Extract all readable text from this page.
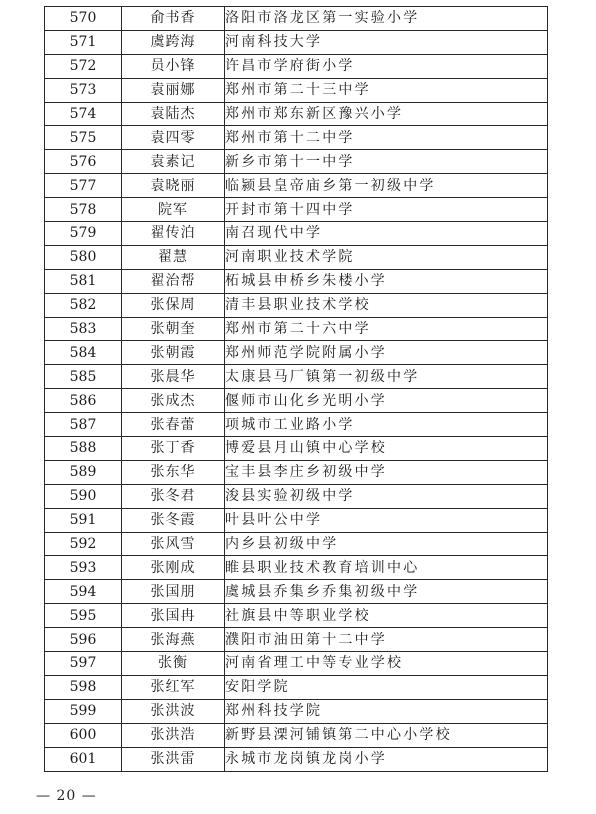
570	俞书香	洛阳市洛龙区第一实验小学
571	虞跨海	河南科技大学
572	员小锋	许昌市学府街小学
573	袁丽娜	郑州市第二十三中学
574	袁陆杰	郑州市郑东新区豫兴小学
575	袁四零	郑州市第十二中学
576	袁素记	新乡市第十一中学
577	袁晓丽	临颍县皇帝庙乡第一初级中学
578	院军	开封市第十四中学
579	翟传泊	南召现代中学
580	翟慧	河南职业技术学院
581	翟治帮	柘城县申桥乡朱楼小学
582	张保周	清丰县职业技术学校
583	张朝奎	郑州市第二十六中学
584	张朝霞	郑州师范学院附属小学
585	张晨华	太康县马厂镇第一初级中学
586	张成杰	偃师市山化乡光明小学
587	张春蕾	项城市工业路小学
588	张丁香	博爱县月山镇中心学校
589	张东华	宝丰县李庄乡初级中学
590	张冬君	浚县实验初级中学
591	张冬霞	叶县叶公中学
592	张风雪	内乡县初级中学
593	张刚成	睢县职业技术教育培训中心
594	张国朋	虞城县乔集乡乔集初级中学
595	张国冉	社旗县中等职业学校
596	张海燕	濮阳市油田第十二中学
597	张衡	河南省理工中等专业学校
598	张红军	安阳学院
599	张洪波	郑州科技学院
600	张洪浩	新野县溧河铺镇第二中心小学校
601	张洪雷	永城市龙岗镇龙岗小学
— 20 —
